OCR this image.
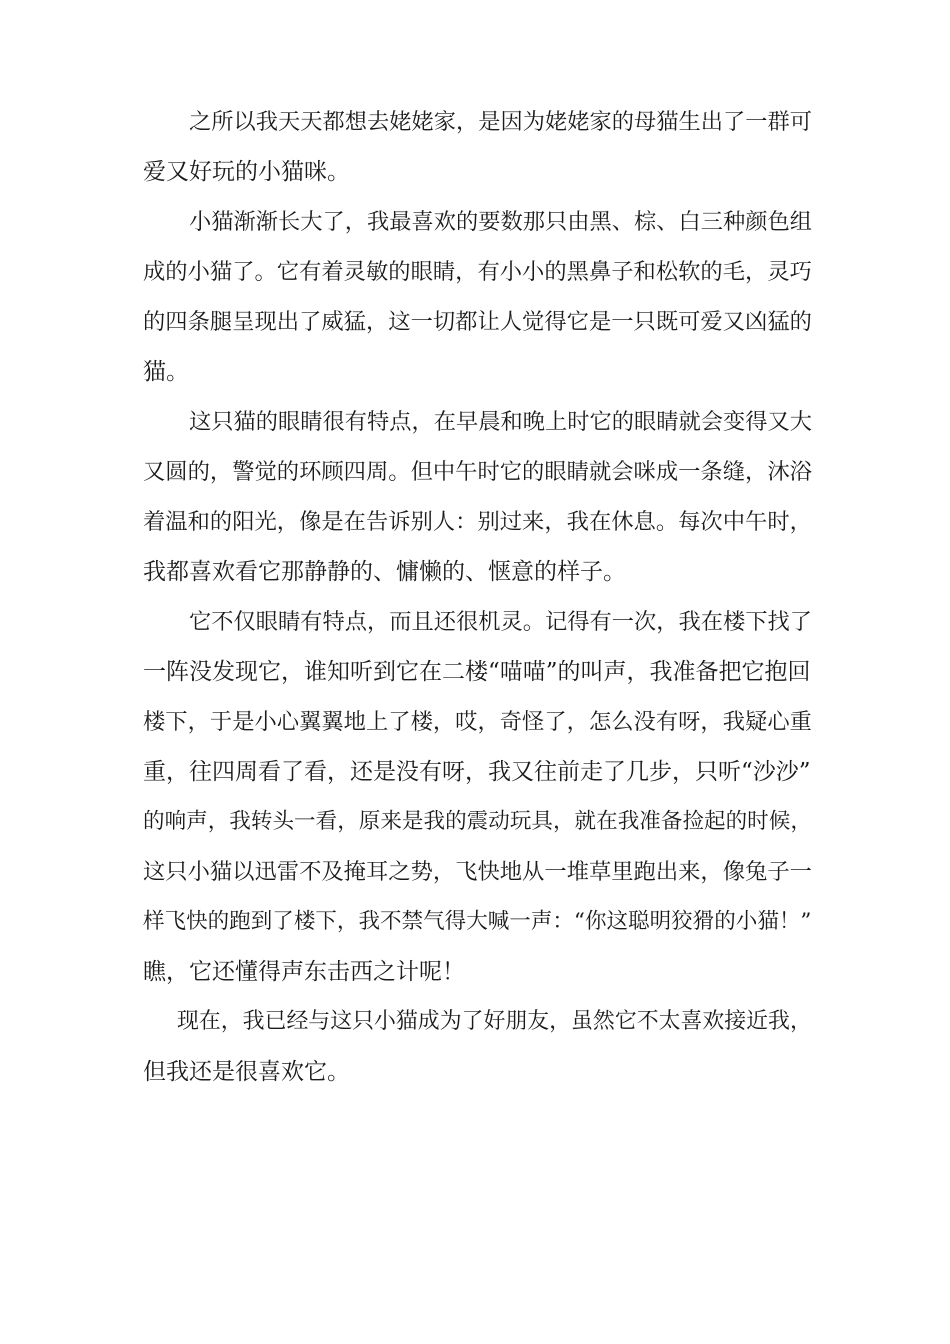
之所以我天天都想去姥姥家，是因为姥姥家的母猫生出了一群可

爱又好玩的小猫咪。

小猫渐渐长大了，我最喜欢的要数那只由黑、棕、白三种颜色组

成的小猫了。它有着灵敏的眼睛，有小小的黑鼻子和松软的毛，灵巧

的四条腿呈现出了威猛，这一切都让人觉得它是一只既可爱又凶猛的

猫。

这只猫的眼睛很有特点，在早晨和晚上时它的眼睛就会变得又大

又圆的，警觉的环顾四周。但中午时它的眼睛就会咪成一条缝，沐浴

着温和的阳光，像是在告诉别人：别过来，我在休息。每次中午时，

我都喜欢看它那静静的、慵懒的、惬意的样子。

它不仅眼睛有特点，而且还很机灵。记得有一次，我在楼下找了

一阵没发现它，谁知听到它在二楼“喵喵”的叫声，我准备把它抱回

楼下，于是小心翼翼地上了楼，哎，奇怪了，怎么没有呀，我疑心重

重，往四周看了看，还是没有呀，我又往前走了几步，只听“沙沙”

的响声，我转头一看，原来是我的震动玩具，就在我准备捡起的时候，

这只小猫以迅雷不及掩耳之势，飞快地从一堆草里跑出来，像兔子一

样飞快的跑到了楼下，我不禁气得大喊一声：“你这聪明狡猾的小猫！”

瞧，它还懂得声东击西之计呢！

现在，我已经与这只小猫成为了好朋友，虽然它不太喜欢接近我，

但我还是很喜欢它。
